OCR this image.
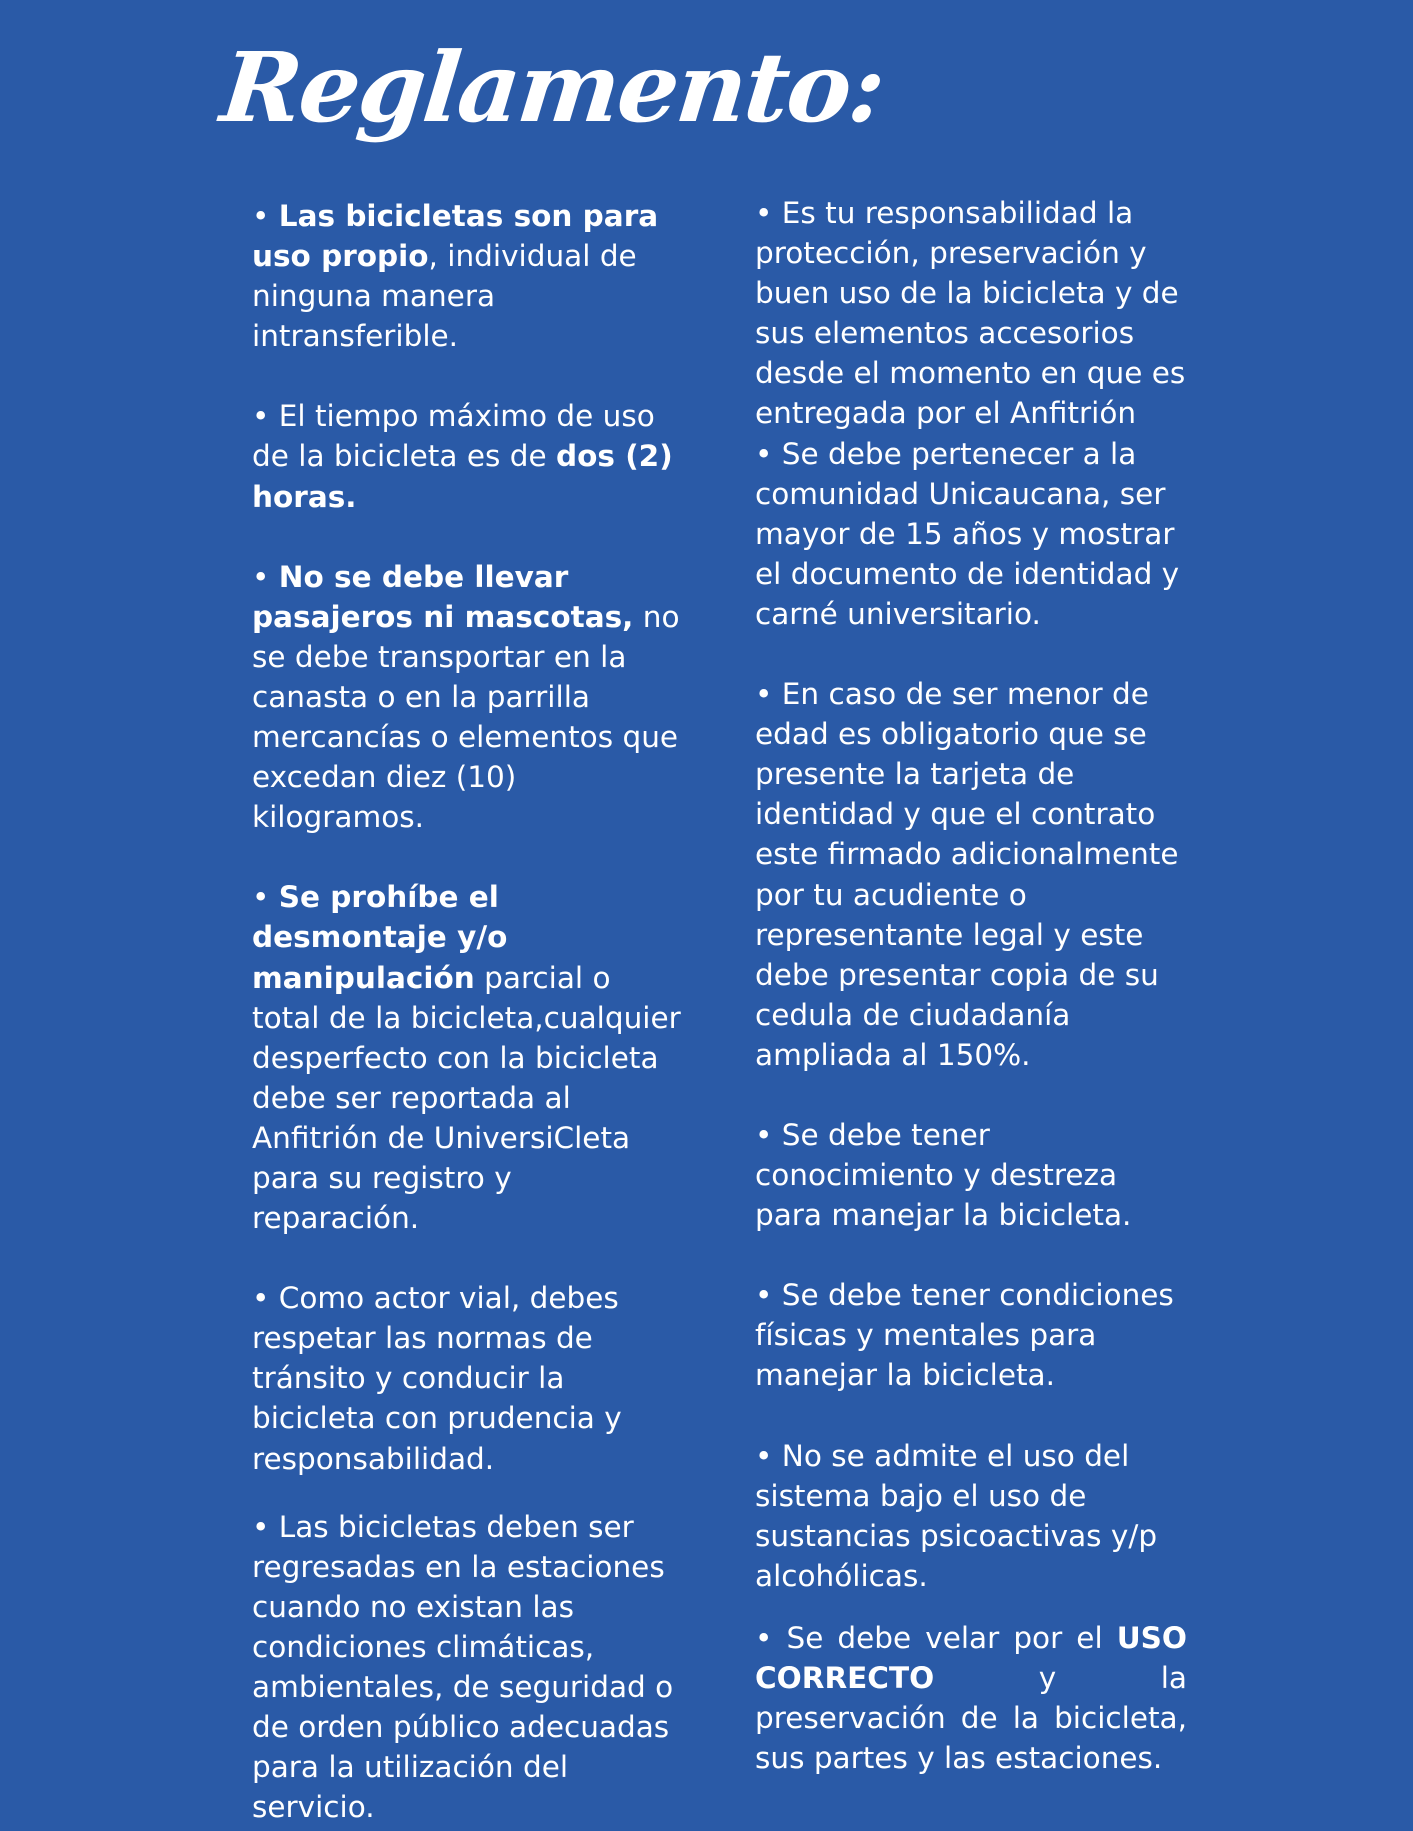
Reglamento:

• Las bicicletas son para uso propio, individual de ninguna manera intransferible.

• El tiempo máximo de uso de la bicicleta es de dos (2) horas.

• No se debe llevar pasajeros ni mascotas, no se debe transportar en la canasta o en la parrilla mercancías o elementos que excedan diez (10) kilogramos.

• Se prohíbe el desmontaje y/o manipulación parcial o total de la bicicleta,cualquier desperfecto con la bicicleta debe ser reportada al Anfitrión de UniversiCleta para su registro y reparación.

• Como actor vial, debes respetar las normas de tránsito y conducir la bicicleta con prudencia y responsabilidad.

• Las bicicletas deben ser regresadas en la estaciones cuando no existan las condiciones climáticas, ambientales, de seguridad o de orden público adecuadas para la utilización del servicio.

• Es tu responsabilidad la protección, preservación y buen uso de la bicicleta y de sus elementos accesorios desde el momento en que es entregada por el Anfitrión

• Se debe pertenecer a la comunidad Unicaucana, ser mayor de 15 años y mostrar el documento de identidad y carné universitario.

• En caso de ser menor de edad es obligatorio que se presente la tarjeta de identidad y que el contrato este firmado adicionalmente por tu acudiente o representante legal y este debe presentar copia de su cedula de ciudadanía ampliada al 150%.

• Se debe tener conocimiento y destreza para manejar la bicicleta.

• Se debe tener condiciones físicas y mentales para manejar la bicicleta.

• No se admite el uso del sistema bajo el uso de sustancias psicoactivas y/p alcohólicas.

• Se debe velar por el USO CORRECTO y la preservación de la bicicleta, sus partes y las estaciones.
